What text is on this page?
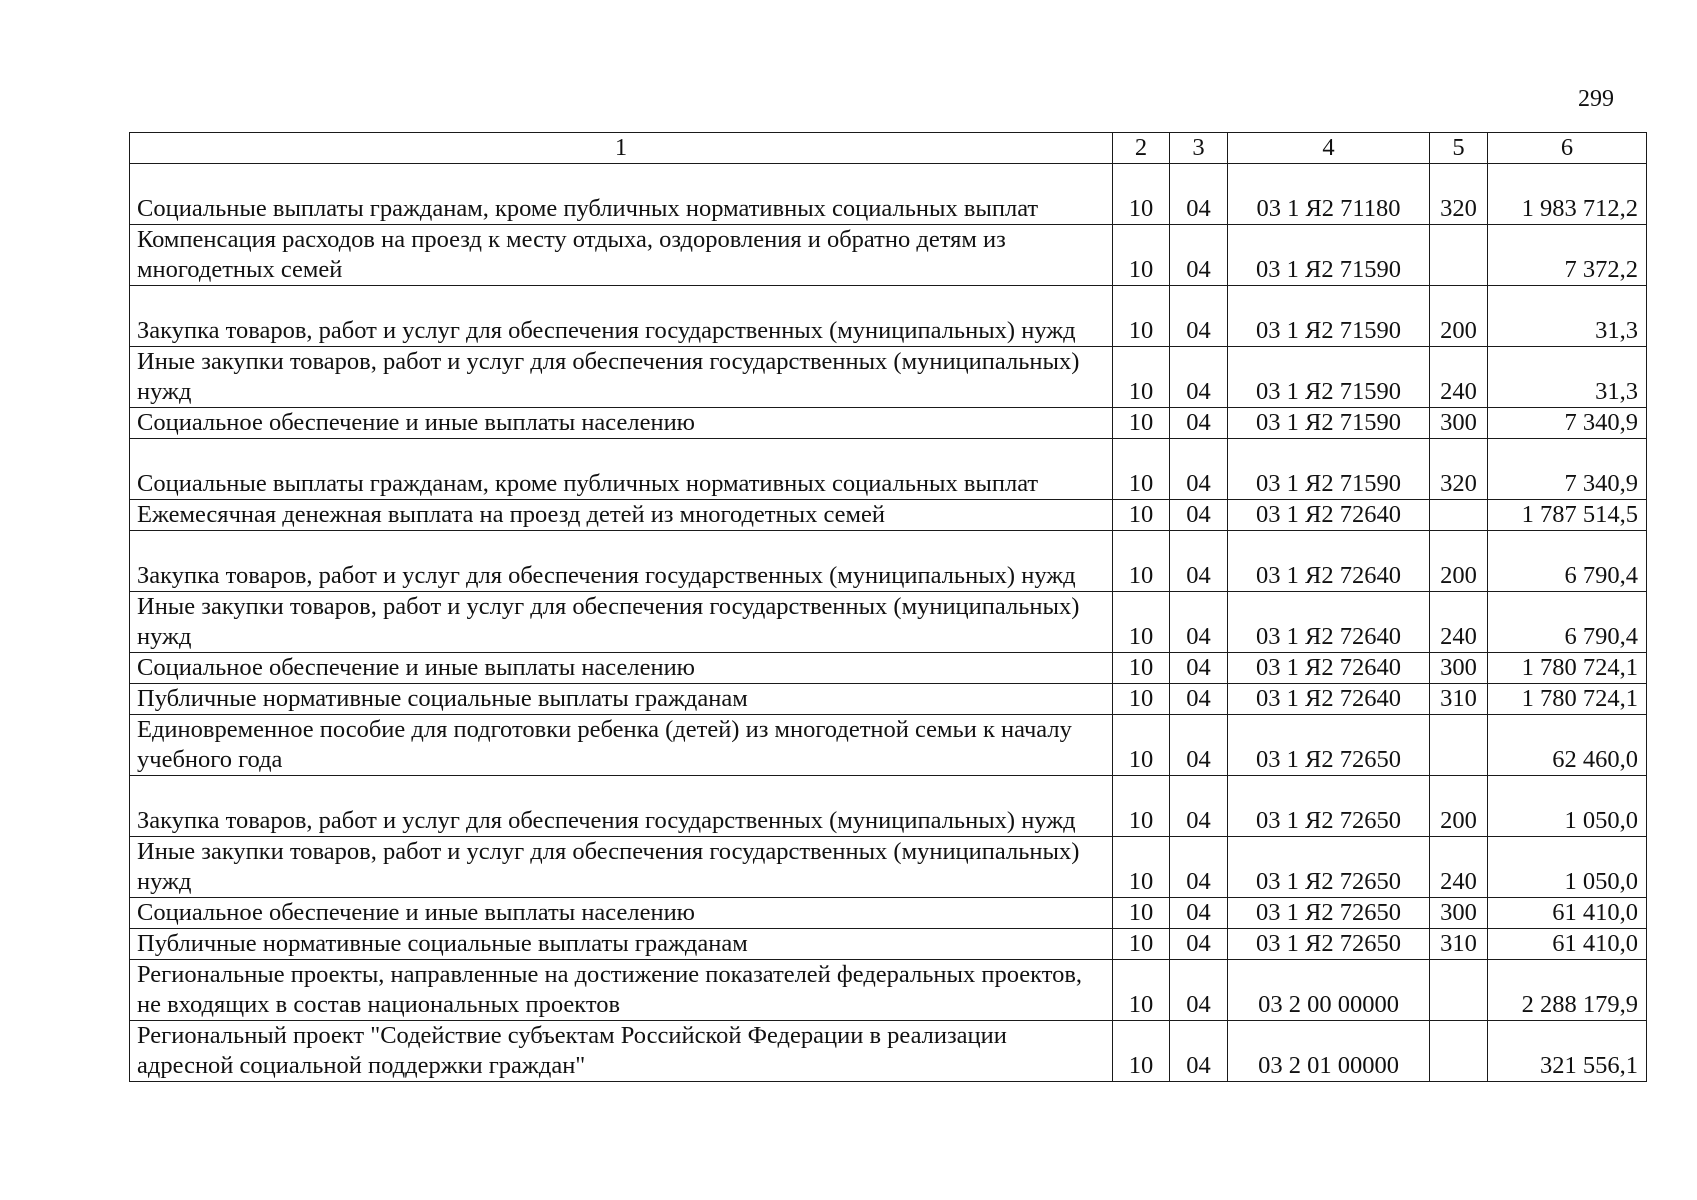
299
1	2	3	4	5	6
Социальные выплаты гражданам, кроме публичных нормативных социальных выплат	10	04	03 1 Я2 71180	320	1 983 712,2
Компенсация расходов на проезд к месту отдыха, оздоровления и обратно детям из многодетных семей	10	04	03 1 Я2 71590		7 372,2
Закупка товаров, работ и услуг для обеспечения государственных (муниципальных) нужд	10	04	03 1 Я2 71590	200	31,3
Иные закупки товаров, работ и услуг для обеспечения государственных (муниципальных) нужд	10	04	03 1 Я2 71590	240	31,3
Социальное обеспечение и иные выплаты населению	10	04	03 1 Я2 71590	300	7 340,9
Социальные выплаты гражданам, кроме публичных нормативных социальных выплат	10	04	03 1 Я2 71590	320	7 340,9
Ежемесячная денежная выплата на проезд детей из многодетных семей	10	04	03 1 Я2 72640		1 787 514,5
Закупка товаров, работ и услуг для обеспечения государственных (муниципальных) нужд	10	04	03 1 Я2 72640	200	6 790,4
Иные закупки товаров, работ и услуг для обеспечения государственных (муниципальных) нужд	10	04	03 1 Я2 72640	240	6 790,4
Социальное обеспечение и иные выплаты населению	10	04	03 1 Я2 72640	300	1 780 724,1
Публичные нормативные социальные выплаты гражданам	10	04	03 1 Я2 72640	310	1 780 724,1
Единовременное пособие для подготовки ребенка (детей) из многодетной семьи к началу учебного года	10	04	03 1 Я2 72650		62 460,0
Закупка товаров, работ и услуг для обеспечения государственных (муниципальных) нужд	10	04	03 1 Я2 72650	200	1 050,0
Иные закупки товаров, работ и услуг для обеспечения государственных (муниципальных) нужд	10	04	03 1 Я2 72650	240	1 050,0
Социальное обеспечение и иные выплаты населению	10	04	03 1 Я2 72650	300	61 410,0
Публичные нормативные социальные выплаты гражданам	10	04	03 1 Я2 72650	310	61 410,0
Региональные проекты, направленные на достижение показателей федеральных проектов, не входящих в состав национальных проектов	10	04	03 2 00 00000		2 288 179,9
Региональный проект "Содействие субъектам Российской Федерации в реализации адресной социальной поддержки граждан"	10	04	03 2 01 00000		321 556,1
